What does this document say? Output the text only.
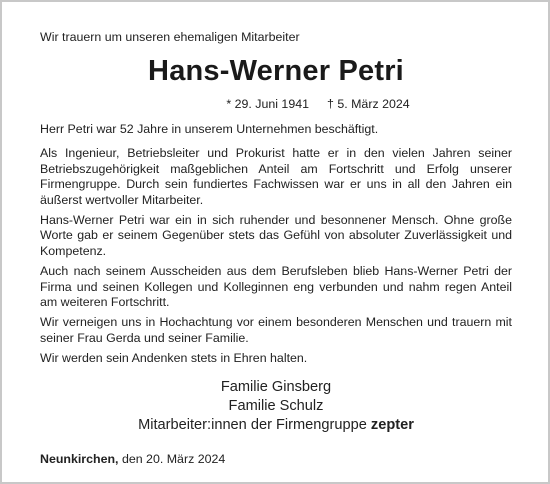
Wir trauern um unseren ehemaligen Mitarbeiter

Hans-Werner Petri

* 29. Juni 1941 † 5. März 2024

Herr Petri war 52 Jahre in unserem Unternehmen beschäftigt.

Als Ingenieur, Betriebsleiter und Prokurist hatte er in den vielen Jahren seiner Betriebszugehörigkeit maßgeblichen Anteil am Fortschritt und Erfolg unserer Firmengruppe. Durch sein fundiertes Fachwissen war er uns in all den Jahren ein äußerst wertvoller Mitarbeiter.

Hans-Werner Petri war ein in sich ruhender und besonnener Mensch. Ohne große Worte gab er seinem Gegenüber stets das Gefühl von absoluter Zuverlässigkeit und Kompetenz.

Auch nach seinem Ausscheiden aus dem Berufsleben blieb Hans-Werner Petri der Firma und seinen Kollegen und Kolleginnen eng verbunden und nahm regen Anteil am weiteren Fortschritt.

Wir verneigen uns in Hochachtung vor einem besonderen Menschen und trauern mit seiner Frau Gerda und seiner Familie.

Wir werden sein Andenken stets in Ehren halten.

Familie Ginsberg

Familie Schulz

Mitarbeiter:innen der Firmengruppe zepter

Neunkirchen, den 20. März 2024
